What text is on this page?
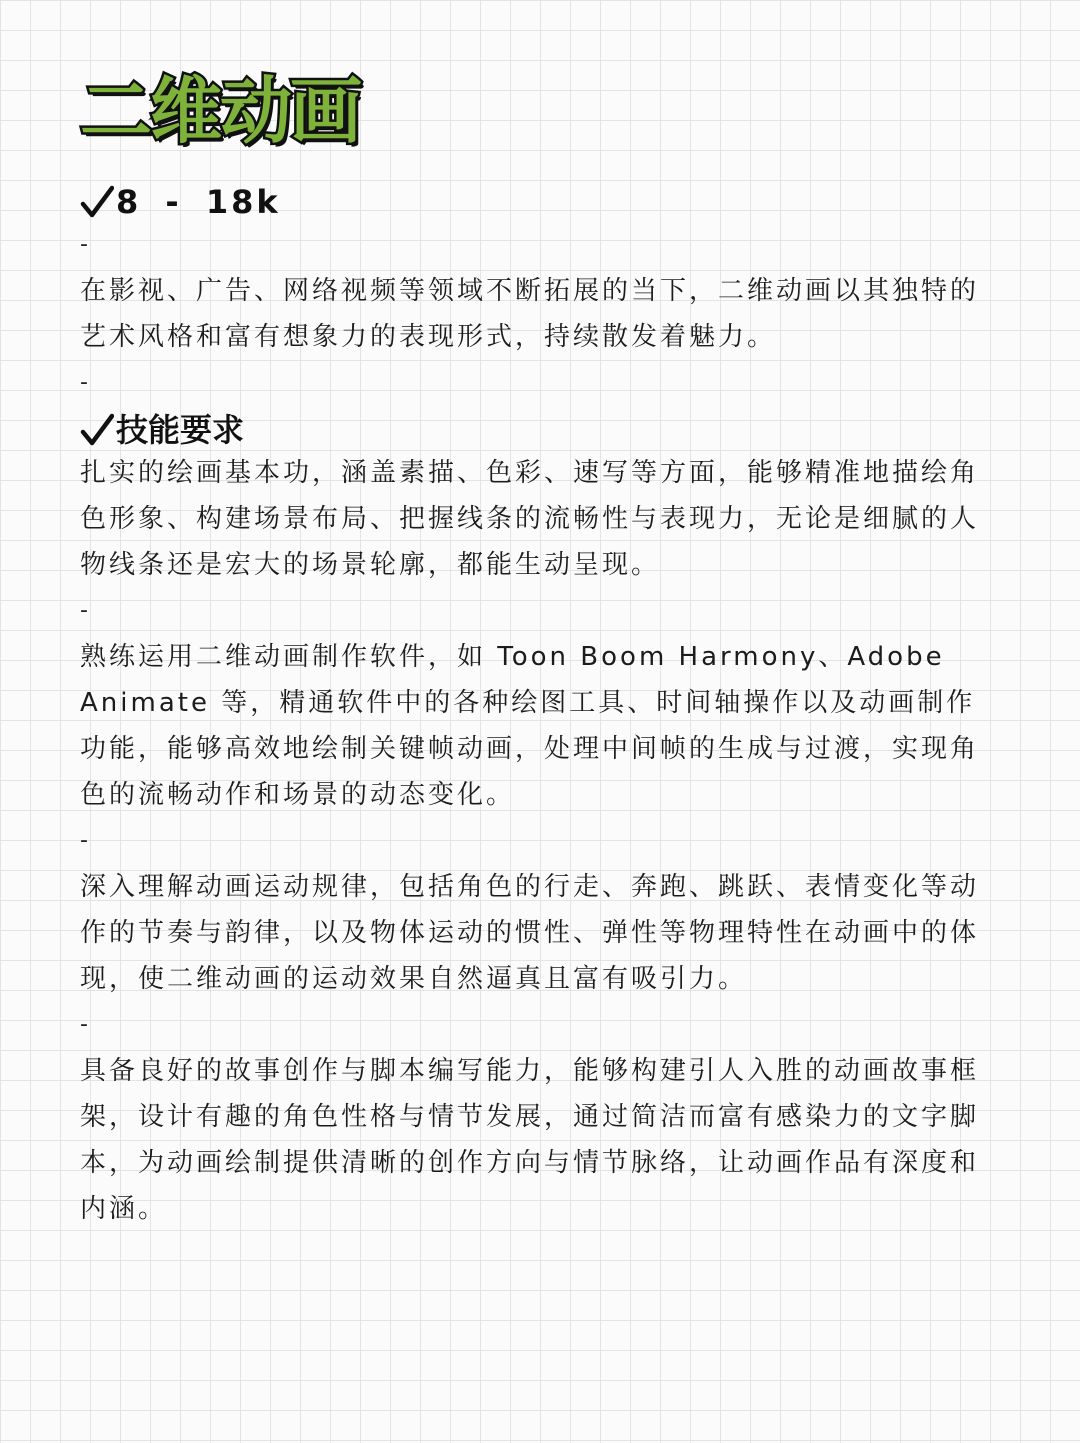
二维动画
8 - 18k

-

在影视、广告、网络视频等领域不断拓展的当下，二维动画以其独特的艺术风格和富有想象力的表现形式，持续散发着魅力。

-

技能要求

扎实的绘画基本功，涵盖素描、色彩、速写等方面，能够精准地描绘角色形象、构建场景布局、把握线条的流畅性与表现力，无论是细腻的人物线条还是宏大的场景轮廓，都能生动呈现。

-

熟练运用二维动画制作软件，如 Toon Boom Harmony、Adobe Animate 等，精通软件中的各种绘图工具、时间轴操作以及动画制作功能，能够高效地绘制关键帧动画，处理中间帧的生成与过渡，实现角色的流畅动作和场景的动态变化。

-

深入理解动画运动规律，包括角色的行走、奔跑、跳跃、表情变化等动作的节奏与韵律，以及物体运动的惯性、弹性等物理特性在动画中的体现，使二维动画的运动效果自然逼真且富有吸引力。

-

具备良好的故事创作与脚本编写能力，能够构建引人入胜的动画故事框架，设计有趣的角色性格与情节发展，通过简洁而富有感染力的文字脚本，为动画绘制提供清晰的创作方向与情节脉络，让动画作品有深度和内涵。
